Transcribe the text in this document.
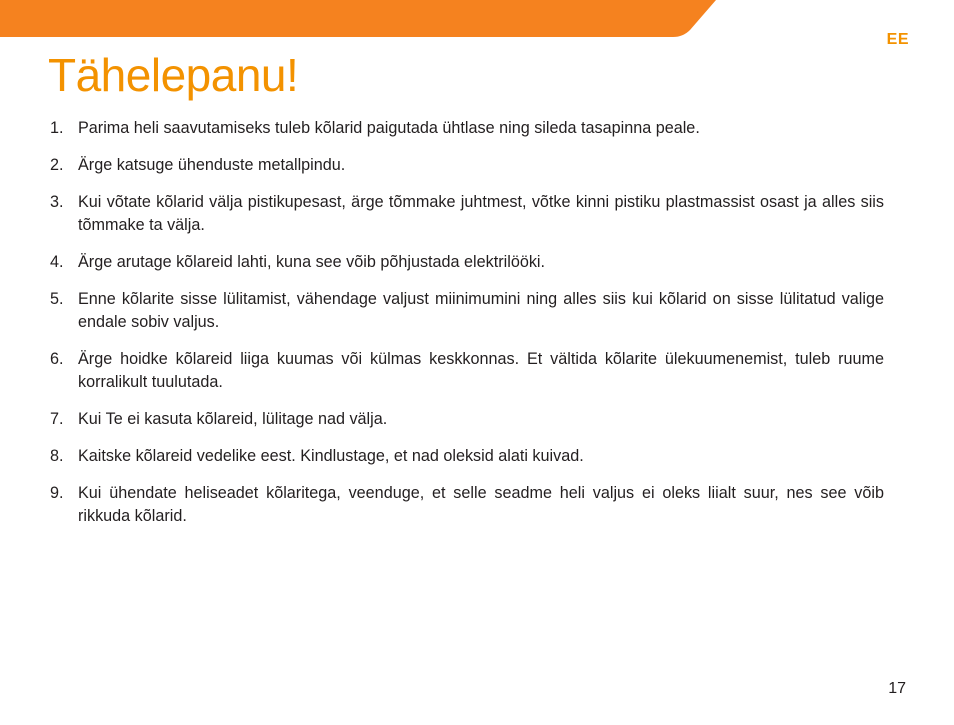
EE
Tähelepanu!
1. Parima heli saavutamiseks tuleb kõlarid paigutada ühtlase ning sileda tasapinna peale.
2. Ärge katsuge ühenduste metallpindu.
3. Kui võtate kõlarid välja pistikupesast, ärge tõmmake juhtmest, võtke kinni pistiku plastmassist osast ja alles siis tõmmake ta välja.
4. Ärge arutage kõlareid lahti, kuna see võib põhjustada elektrilööki.
5. Enne kõlarite sisse lülitamist, vähendage valjust miinimumini ning alles siis kui kõlarid on sisse lülitatud valige endale sobiv valjus.
6. Ärge hoidke kõlareid liiga kuumas või külmas keskkonnas. Et vältida kõlarite ülekuumenemist, tuleb ruume korralikult tuulutada.
7. Kui Te ei kasuta kõlareid, lülitage nad välja.
8. Kaitske kõlareid vedelike eest. Kindlustage, et nad oleksid alati kuivad.
9. Kui ühendate heliseadet kõlaritega, veenduge, et selle seadme heli valjus ei oleks liialt suur, nes see võib rikkuda kõlarid.
17
